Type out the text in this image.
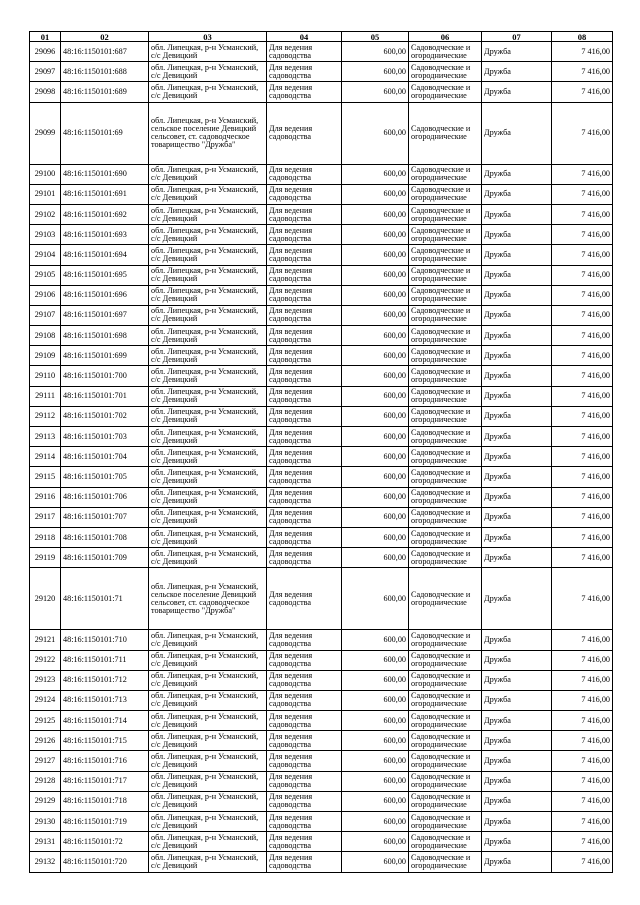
01	02	03	04	05	06	07	08
29096	48:16:1150101:687	обл. Липецкая, р-н Усманский, с/с Девицкий	Для ведения садоводства	600,00	Садоводческие и огороднические	Дружба	7 416,00
29097	48:16:1150101:688	обл. Липецкая, р-н Усманский, с/с Девицкий	Для ведения садоводства	600,00	Садоводческие и огороднические	Дружба	7 416,00
29098	48:16:1150101:689	обл. Липецкая, р-н Усманский, с/с Девицкий	Для ведения садоводства	600,00	Садоводческие и огороднические	Дружба	7 416,00
29099	48:16:1150101:69	обл. Липецкая, р-н Усманский, сельское поселение Девицкий сельсовет, ст. садоводческое товарищество "Дружба"	Для ведения садоводства	600,00	Садоводческие и огороднические	Дружба	7 416,00
29100	48:16:1150101:690	обл. Липецкая, р-н Усманский, с/с Девицкий	Для ведения садоводства	600,00	Садоводческие и огороднические	Дружба	7 416,00
29101	48:16:1150101:691	обл. Липецкая, р-н Усманский, с/с Девицкий	Для ведения садоводства	600,00	Садоводческие и огороднические	Дружба	7 416,00
29102	48:16:1150101:692	обл. Липецкая, р-н Усманский, с/с Девицкий	Для ведения садоводства	600,00	Садоводческие и огороднические	Дружба	7 416,00
29103	48:16:1150101:693	обл. Липецкая, р-н Усманский, с/с Девицкий	Для ведения садоводства	600,00	Садоводческие и огороднические	Дружба	7 416,00
29104	48:16:1150101:694	обл. Липецкая, р-н Усманский, с/с Девицкий	Для ведения садоводства	600,00	Садоводческие и огороднические	Дружба	7 416,00
29105	48:16:1150101:695	обл. Липецкая, р-н Усманский, с/с Девицкий	Для ведения садоводства	600,00	Садоводческие и огороднические	Дружба	7 416,00
29106	48:16:1150101:696	обл. Липецкая, р-н Усманский, с/с Девицкий	Для ведения садоводства	600,00	Садоводческие и огороднические	Дружба	7 416,00
29107	48:16:1150101:697	обл. Липецкая, р-н Усманский, с/с Девицкий	Для ведения садоводства	600,00	Садоводческие и огороднические	Дружба	7 416,00
29108	48:16:1150101:698	обл. Липецкая, р-н Усманский, с/с Девицкий	Для ведения садоводства	600,00	Садоводческие и огороднические	Дружба	7 416,00
29109	48:16:1150101:699	обл. Липецкая, р-н Усманский, с/с Девицкий	Для ведения садоводства	600,00	Садоводческие и огороднические	Дружба	7 416,00
29110	48:16:1150101:700	обл. Липецкая, р-н Усманский, с/с Девицкий	Для ведения садоводства	600,00	Садоводческие и огороднические	Дружба	7 416,00
29111	48:16:1150101:701	обл. Липецкая, р-н Усманский, с/с Девицкий	Для ведения садоводства	600,00	Садоводческие и огороднические	Дружба	7 416,00
29112	48:16:1150101:702	обл. Липецкая, р-н Усманский, с/с Девицкий	Для ведения садоводства	600,00	Садоводческие и огороднические	Дружба	7 416,00
29113	48:16:1150101:703	обл. Липецкая, р-н Усманский, с/с Девицкий	Для ведения садоводства	600,00	Садоводческие и огороднические	Дружба	7 416,00
29114	48:16:1150101:704	обл. Липецкая, р-н Усманский, с/с Девицкий	Для ведения садоводства	600,00	Садоводческие и огороднические	Дружба	7 416,00
29115	48:16:1150101:705	обл. Липецкая, р-н Усманский, с/с Девицкий	Для ведения садоводства	600,00	Садоводческие и огороднические	Дружба	7 416,00
29116	48:16:1150101:706	обл. Липецкая, р-н Усманский, с/с Девицкий	Для ведения садоводства	600,00	Садоводческие и огороднические	Дружба	7 416,00
29117	48:16:1150101:707	обл. Липецкая, р-н Усманский, с/с Девицкий	Для ведения садоводства	600,00	Садоводческие и огороднические	Дружба	7 416,00
29118	48:16:1150101:708	обл. Липецкая, р-н Усманский, с/с Девицкий	Для ведения садоводства	600,00	Садоводческие и огороднические	Дружба	7 416,00
29119	48:16:1150101:709	обл. Липецкая, р-н Усманский, с/с Девицкий	Для ведения садоводства	600,00	Садоводческие и огороднические	Дружба	7 416,00
29120	48:16:1150101:71	обл. Липецкая, р-н Усманский, сельское поселение Девицкий сельсовет, ст. садоводческое товарищество "Дружба"	Для ведения садоводства	600,00	Садоводческие и огороднические	Дружба	7 416,00
29121	48:16:1150101:710	обл. Липецкая, р-н Усманский, с/с Девицкий	Для ведения садоводства	600,00	Садоводческие и огороднические	Дружба	7 416,00
29122	48:16:1150101:711	обл. Липецкая, р-н Усманский, с/с Девицкий	Для ведения садоводства	600,00	Садоводческие и огороднические	Дружба	7 416,00
29123	48:16:1150101:712	обл. Липецкая, р-н Усманский, с/с Девицкий	Для ведения садоводства	600,00	Садоводческие и огороднические	Дружба	7 416,00
29124	48:16:1150101:713	обл. Липецкая, р-н Усманский, с/с Девицкий	Для ведения садоводства	600,00	Садоводческие и огороднические	Дружба	7 416,00
29125	48:16:1150101:714	обл. Липецкая, р-н Усманский, с/с Девицкий	Для ведения садоводства	600,00	Садоводческие и огороднические	Дружба	7 416,00
29126	48:16:1150101:715	обл. Липецкая, р-н Усманский, с/с Девицкий	Для ведения садоводства	600,00	Садоводческие и огороднические	Дружба	7 416,00
29127	48:16:1150101:716	обл. Липецкая, р-н Усманский, с/с Девицкий	Для ведения садоводства	600,00	Садоводческие и огороднические	Дружба	7 416,00
29128	48:16:1150101:717	обл. Липецкая, р-н Усманский, с/с Девицкий	Для ведения садоводства	600,00	Садоводческие и огороднические	Дружба	7 416,00
29129	48:16:1150101:718	обл. Липецкая, р-н Усманский, с/с Девицкий	Для ведения садоводства	600,00	Садоводческие и огороднические	Дружба	7 416,00
29130	48:16:1150101:719	обл. Липецкая, р-н Усманский, с/с Девицкий	Для ведения садоводства	600,00	Садоводческие и огороднические	Дружба	7 416,00
29131	48:16:1150101:72	обл. Липецкая, р-н Усманский, с/с Девицкий	Для ведения садоводства	600,00	Садоводческие и огороднические	Дружба	7 416,00
29132	48:16:1150101:720	обл. Липецкая, р-н Усманский, с/с Девицкий	Для ведения садоводства	600,00	Садоводческие и огороднические	Дружба	7 416,00
